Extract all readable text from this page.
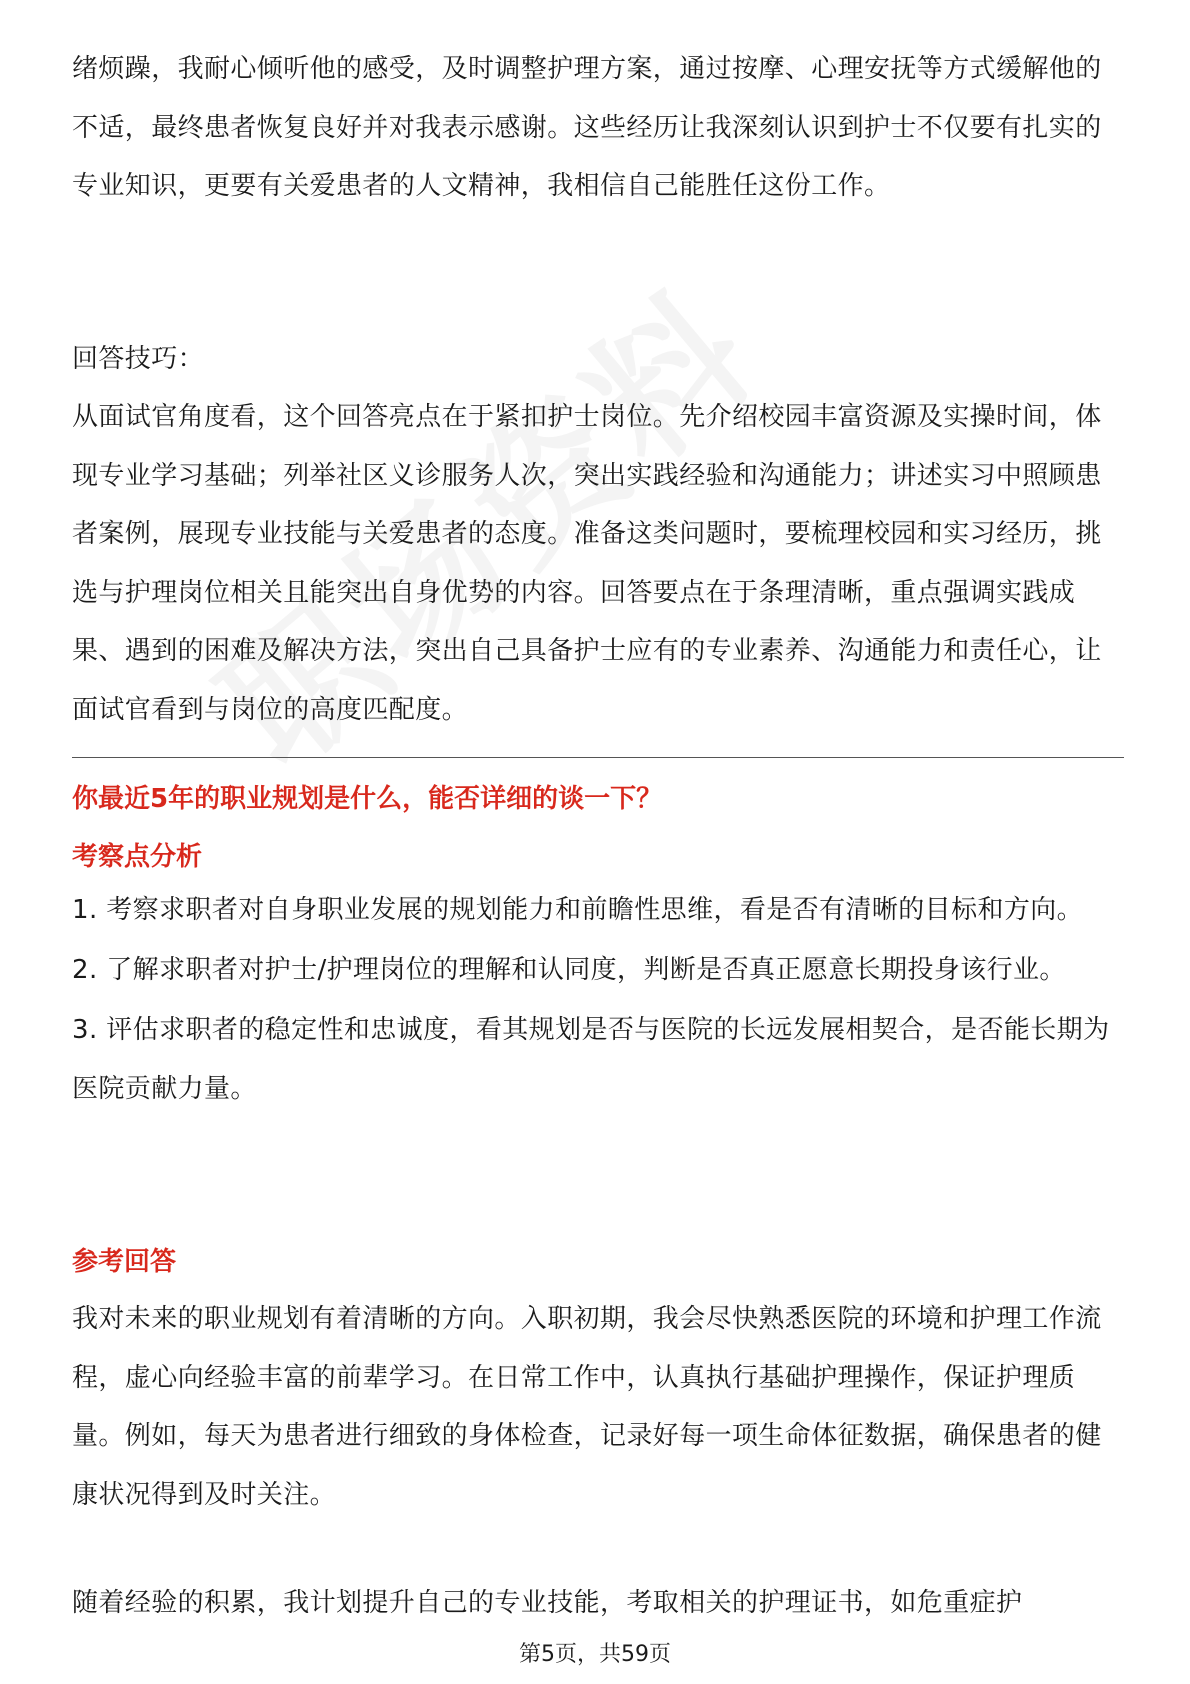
绪烦躁，我耐心倾听他的感受，及时调整护理方案，通过按摩、心理安抚等方式缓解他的不适，最终患者恢复良好并对我表示感谢。这些经历让我深刻认识到护士不仅要有扎实的专业知识，更要有关爱患者的人文精神，我相信自己能胜任这份工作。

回答技巧：

从面试官角度看，这个回答亮点在于紧扣护士岗位。先介绍校园丰富资源及实操时间，体现专业学习基础；列举社区义诊服务人次，突出实践经验和沟通能力；讲述实习中照顾患者案例，展现专业技能与关爱患者的态度。准备这类问题时，要梳理校园和实习经历，挑选与护理岗位相关且能突出自身优势的内容。回答要点在于条理清晰，重点强调实践成果、遇到的困难及解决方法，突出自己具备护士应有的专业素养、沟通能力和责任心，让面试官看到与岗位的高度匹配度。

你最近5年的职业规划是什么，能否详细的谈一下？

考察点分析

1. 考察求职者对自身职业发展的规划能力和前瞻性思维，看是否有清晰的目标和方向。

2. 了解求职者对护士/护理岗位的理解和认同度，判断是否真正愿意长期投身该行业。

3. 评估求职者的稳定性和忠诚度，看其规划是否与医院的长远发展相契合，是否能长期为医院贡献力量。

参考回答

我对未来的职业规划有着清晰的方向。入职初期，我会尽快熟悉医院的环境和护理工作流程，虚心向经验丰富的前辈学习。在日常工作中，认真执行基础护理操作，保证护理质量。例如，每天为患者进行细致的身体检查，记录好每一项生命体征数据，确保患者的健康状况得到及时关注。

随着经验的积累，我计划提升自己的专业技能，考取相关的护理证书，如危重症护

第5页，共59页
